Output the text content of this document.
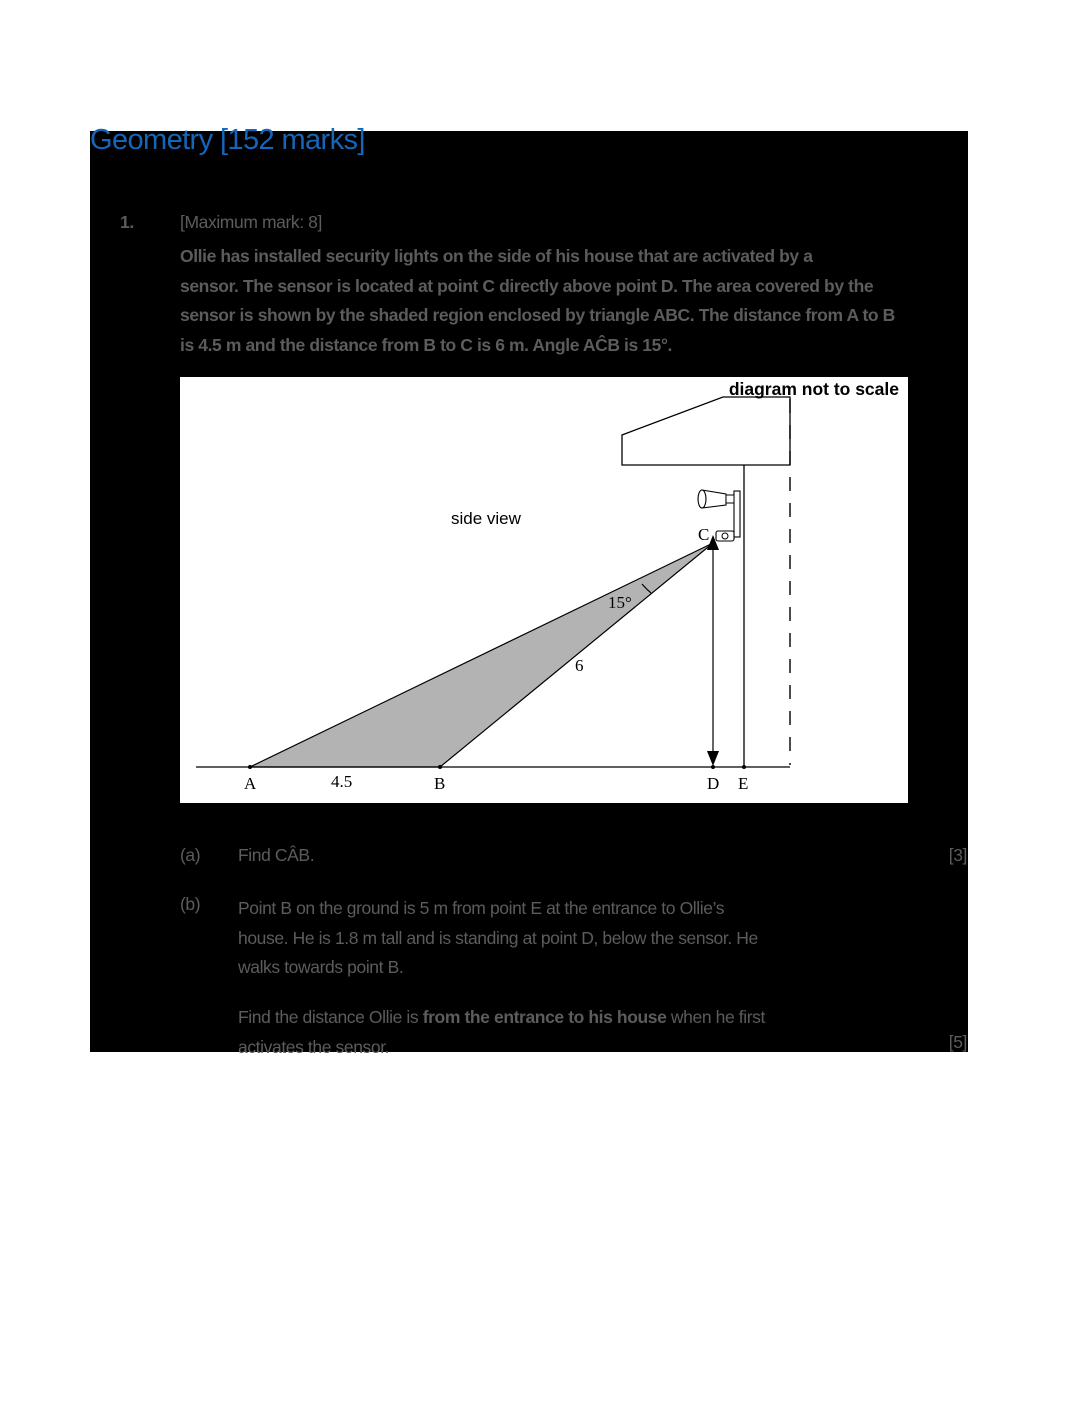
Geometry [152 marks]
1.	[Maximum mark: 8]
Ollie has installed security lights on the side of his house that are activated by a
sensor. The sensor is located at point C directly above point D. The area covered by the
sensor is shown by the shaded region enclosed by triangle ABC. The distance from A to B
is 4.5 m and the distance from B to C is 6 m. Angle AĈB is 15°.
diagram not to scale
side view
15°
6
4.5
C
A	B	D E
(a) Find CÂB.	[3]
(b) Point B on the ground is 5 m from point E at the entrance to Ollie’s
house. He is 1.8 m tall and is standing at point D, below the sensor. He
walks towards point B.
Find the distance Ollie is from the entrance to his house when he first
activates the sensor.	[5]
